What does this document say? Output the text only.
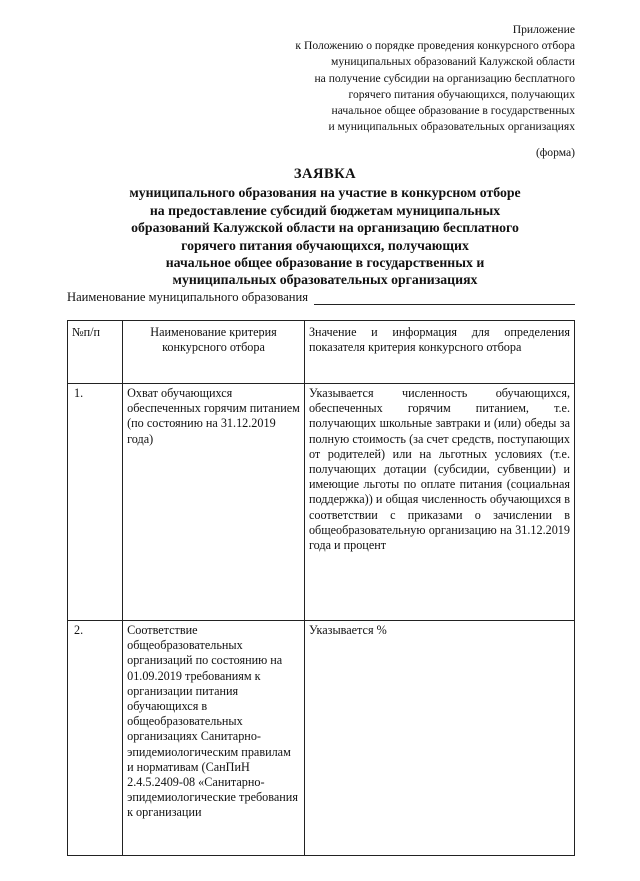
Приложение
к Положению о порядке проведения конкурсного отбора
муниципальных образований Калужской области
на получение субсидии на организацию бесплатного
горячего питания обучающихся, получающих
начальное общее образование в государственных
и муниципальных образовательных организациях
(форма)
ЗАЯВКА
муниципального образования на участие в конкурсном отборе
на предоставление субсидий бюджетам муниципальных
образований Калужской области на организацию бесплатного
горячего питания обучающихся, получающих
начальное общее образование в государственных и
муниципальных образовательных организациях
Наименование муниципального образования
№п/п	Наименование критерия конкурсного отбора	Значение и информация для определения показателя критерия конкурсного отбора
1.	Охват обучающихся обеспеченных горячим питанием (по состоянию на 31.12.2019 года)	Указывается численность обучающихся, обеспеченных горячим питанием, т.е. получающих школьные завтраки и (или) обеды за полную стоимость (за счет средств, поступающих от родителей) или на льготных условиях (т.е. получающих дотации (субсидии, субвенции) и имеющие льготы по оплате питания (социальная поддержка)) и общая численность обучающихся в соответствии с приказами о зачислении в общеобразовательную организацию на 31.12.2019 года и процент
2.	Соответствие общеобразовательных организаций по состоянию на 01.09.2019 требованиям к организации питания обучающихся в общеобразовательных организациях Санитарно-эпидемиологическим правилам и нормативам (СанПиН 2.4.5.2409-08 «Санитарно-эпидемиологические требования к организации	Указывается %
